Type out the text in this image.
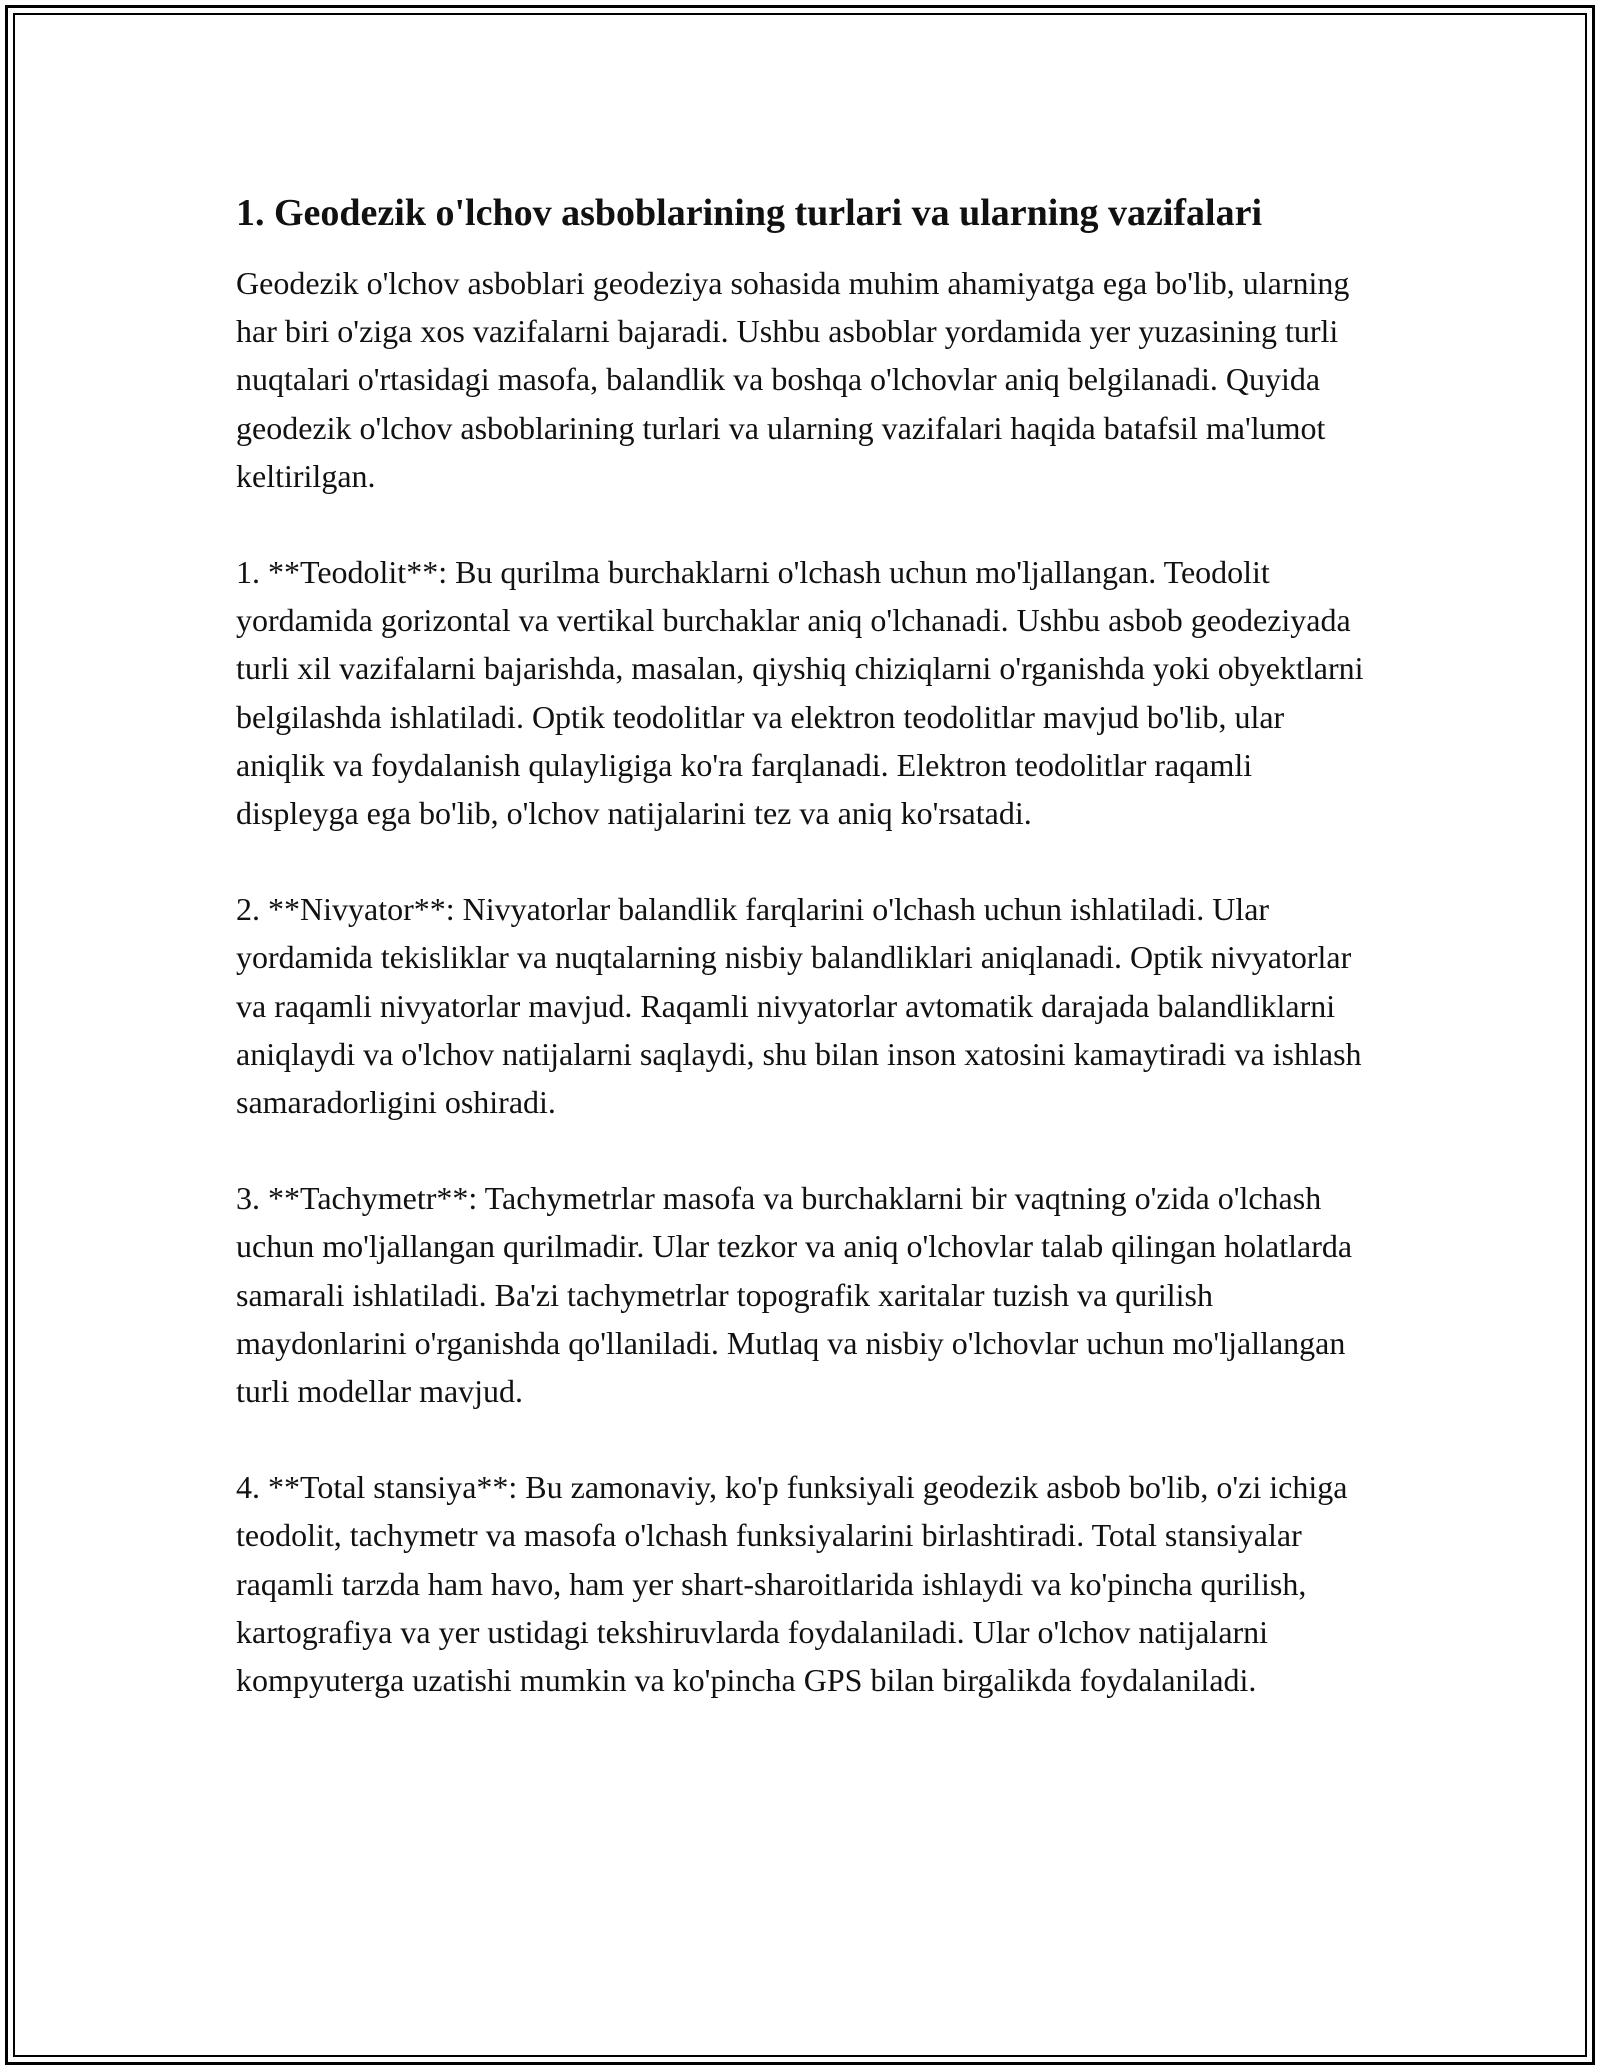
1. Geodezik o'lchov asboblarining turlari va ularning vazifalari

Geodezik o'lchov asboblari geodeziya sohasida muhim ahamiyatga ega bo'lib, ularning har biri o'ziga xos vazifalarni bajaradi. Ushbu asboblar yordamida yer yuzasining turli nuqtalari o'rtasidagi masofa, balandlik va boshqa o'lchovlar aniq belgilanadi. Quyida geodezik o'lchov asboblarining turlari va ularning vazifalari haqida batafsil ma'lumot keltirilgan.

1. **Teodolit**: Bu qurilma burchaklarni o'lchash uchun mo'ljallangan. Teodolit yordamida gorizontal va vertikal burchaklar aniq o'lchanadi. Ushbu asbob geodeziyada turli xil vazifalarni bajarishda, masalan, qiyshiq chiziqlarni o'rganishda yoki obyektlarni belgilashda ishlatiladi. Optik teodolitlar va elektron teodolitlar mavjud bo'lib, ular aniqlik va foydalanish qulayligiga ko'ra farqlanadi. Elektron teodolitlar raqamli displeyga ega bo'lib, o'lchov natijalarini tez va aniq ko'rsatadi.

2. **Nivyator**: Nivyatorlar balandlik farqlarini o'lchash uchun ishlatiladi. Ular yordamida tekisliklar va nuqtalarning nisbiy balandliklari aniqlanadi. Optik nivyatorlar va raqamli nivyatorlar mavjud. Raqamli nivyatorlar avtomatik darajada balandliklarni aniqlaydi va o'lchov natijalarni saqlaydi, shu bilan inson xatosini kamaytiradi va ishlash samaradorligini oshiradi.

3. **Tachymetr**: Tachymetrlar masofa va burchaklarni bir vaqtning o'zida o'lchash uchun mo'ljallangan qurilmadir. Ular tezkor va aniq o'lchovlar talab qilingan holatlarda samarali ishlatiladi. Ba'zi tachymetrlar topografik xaritalar tuzish va qurilish maydonlarini o'rganishda qo'llaniladi. Mutlaq va nisbiy o'lchovlar uchun mo'ljallangan turli modellar mavjud.

4. **Total stansiya**: Bu zamonaviy, ko'p funksiyali geodezik asbob bo'lib, o'zi ichiga teodolit, tachymetr va masofa o'lchash funksiyalarini birlashtiradi. Total stansiyalar raqamli tarzda ham havo, ham yer shart-sharoitlarida ishlaydi va ko'pincha qurilish, kartografiya va yer ustidagi tekshiruvlarda foydalaniladi. Ular o'lchov natijalarni kompyuterga uzatishi mumkin va ko'pincha GPS bilan birgalikda foydalaniladi.
